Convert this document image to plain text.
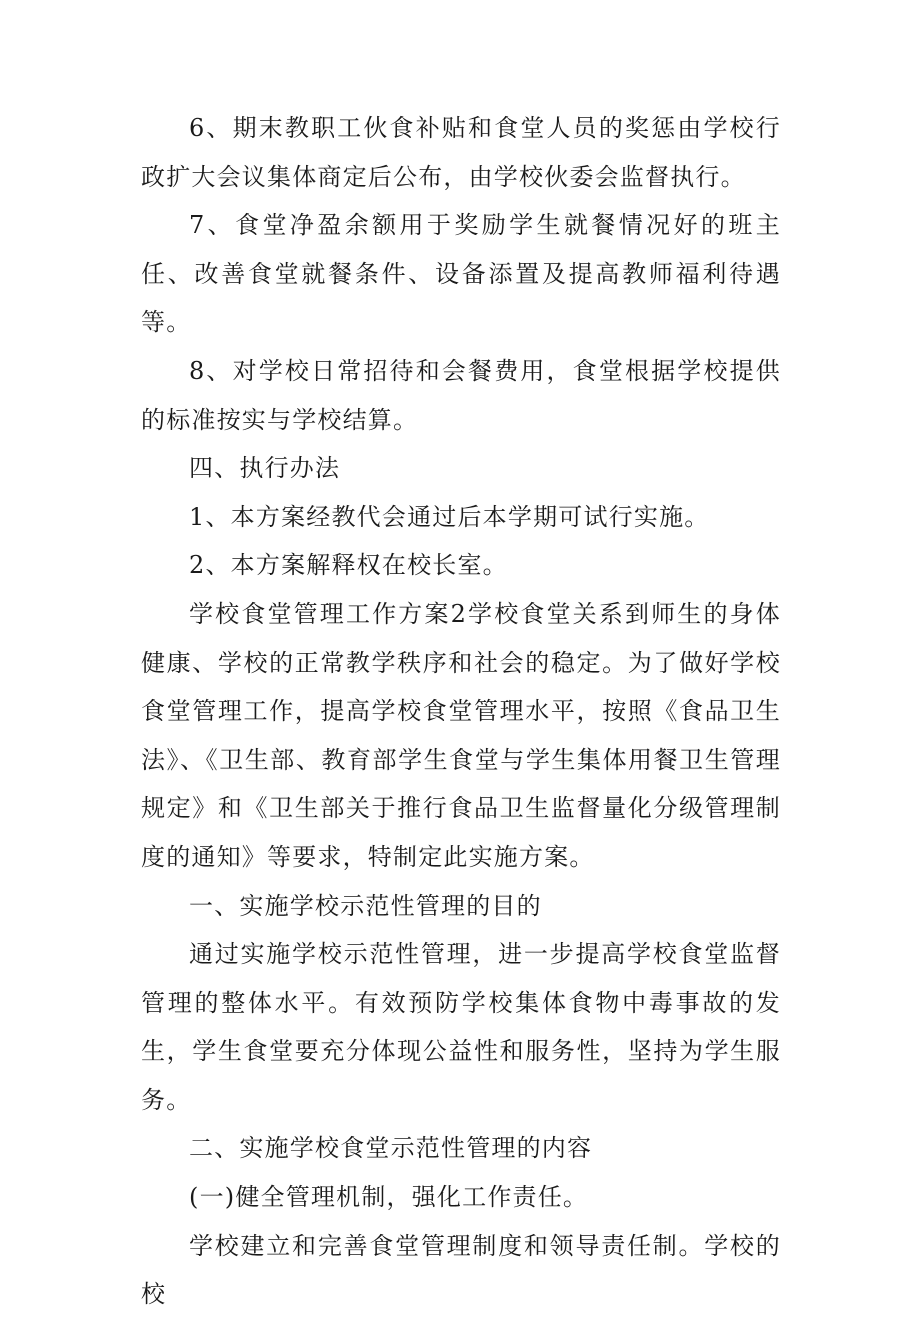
6、期末教职工伙食补贴和食堂人员的奖惩由学校行政扩大会议集体商定后公布，由学校伙委会监督执行。

7、食堂净盈余额用于奖励学生就餐情况好的班主任、改善食堂就餐条件、设备添置及提高教师福利待遇等。

8、对学校日常招待和会餐费用，食堂根据学校提供的标准按实与学校结算。

四、执行办法

1、本方案经教代会通过后本学期可试行实施。

2、本方案解释权在校长室。

学校食堂管理工作方案2学校食堂关系到师生的身体健康、学校的正常教学秩序和社会的稳定。为了做好学校食堂管理工作，提高学校食堂管理水平，按照《食品卫生法》、《卫生部、教育部学生食堂与学生集体用餐卫生管理规定》和《卫生部关于推行食品卫生监督量化分级管理制度的通知》等要求，特制定此实施方案。

一、实施学校示范性管理的目的

通过实施学校示范性管理，进一步提高学校食堂监督管理的整体水平。有效预防学校集体食物中毒事故的发生，学生食堂要充分体现公益性和服务性，坚持为学生服务。

二、实施学校食堂示范性管理的内容

(一)健全管理机制，强化工作责任。

学校建立和完善食堂管理制度和领导责任制。学校的校
